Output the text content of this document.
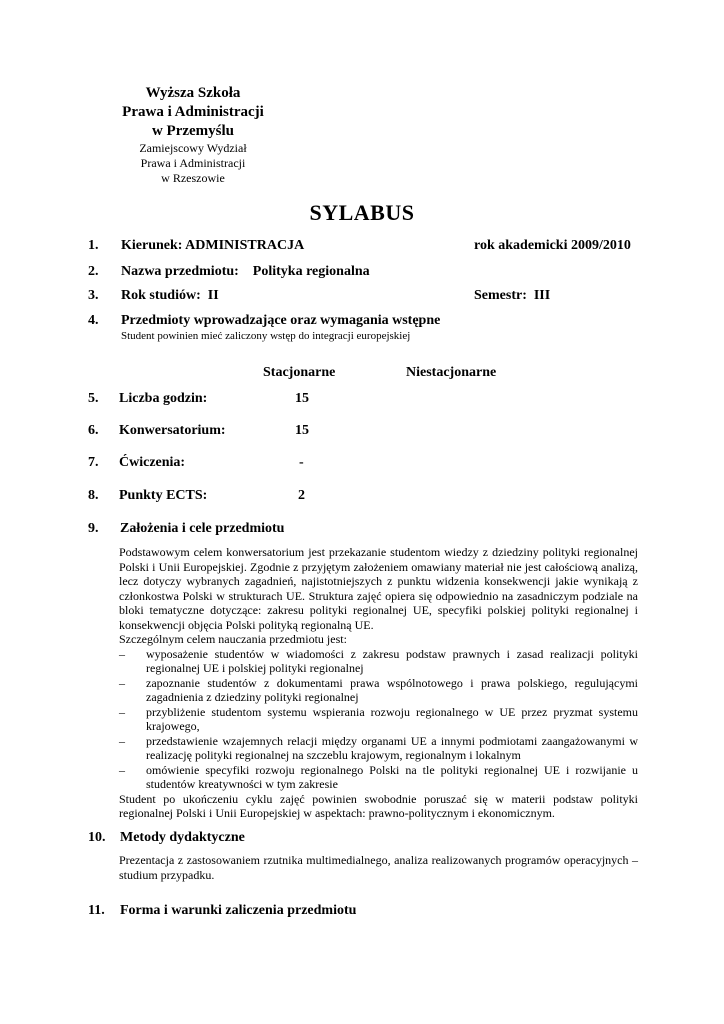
Wyższa Szkoła
Prawa i Administracji
w Przemyślu
Zamiejscowy Wydział
Prawa i Administracji
w Rzeszowie
SYLABUS
1. Kierunek: ADMINISTRACJA	rok akademicki 2009/2010
2. Nazwa przedmiotu:    Polityka regionalna
3. Rok studiów:  II	Semestr:  III
4. Przedmioty wprowadzające oraz wymagania wstępne
Student powinien mieć zaliczony wstęp do integracji europejskiej
Stacjonarne	Niestacjonarne
5. Liczba godzin:	15
6. Konwersatorium:	15
7. Ćwiczenia:	-
8. Punkty ECTS:	2
9. Założenia i cele przedmiotu

Podstawowym celem konwersatorium jest przekazanie studentom wiedzy z dziedziny polityki regionalnej Polski i Unii Europejskiej. Zgodnie z przyjętym założeniem omawiany materiał nie jest całościową analizą, lecz dotyczy wybranych zagadnień, najistotniejszych z punktu widzenia konsekwencji jakie wynikają z członkostwa Polski w strukturach UE. Struktura zajęć opiera się odpowiednio na zasadniczym podziale na bloki tematyczne dotyczące: zakresu polityki regionalnej UE, specyfiki polskiej polityki regionalnej i konsekwencji objęcia Polski polityką regionalną UE.

Szczególnym celem nauczania przedmiotu jest:

– wyposażenie studentów w wiadomości z zakresu podstaw prawnych i zasad realizacji polityki regionalnej UE i polskiej polityki regionalnej
– zapoznanie studentów z dokumentami prawa wspólnotowego i prawa polskiego, regulującymi zagadnienia z dziedziny polityki regionalnej
– przybliżenie studentom systemu wspierania rozwoju regionalnego w UE przez pryzmat systemu krajowego,
– przedstawienie wzajemnych relacji między organami UE a innymi podmiotami zaangażowanymi w realizację polityki regionalnej na szczeblu krajowym, regionalnym i lokalnym
– omówienie specyfiki rozwoju regionalnego Polski na tle polityki regionalnej UE i rozwijanie u studentów kreatywności w tym zakresie

Student po ukończeniu cyklu zajęć powinien swobodnie poruszać się w materii podstaw polityki regionalnej Polski i Unii Europejskiej w aspektach: prawno-politycznym i ekonomicznym.

10. Metody dydaktyczne

Prezentacja z zastosowaniem rzutnika multimedialnego, analiza realizowanych programów operacyjnych – studium przypadku.

11. Forma i warunki zaliczenia przedmiotu
